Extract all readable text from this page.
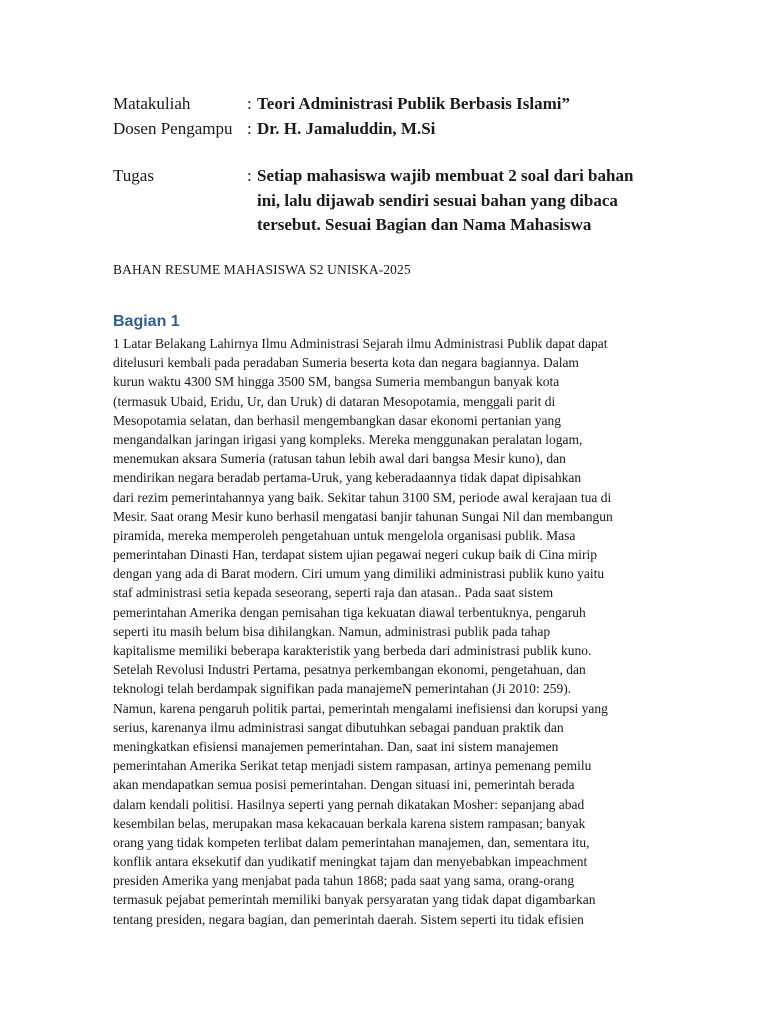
Matakuliah	: Teori Administrasi Publik Berbasis Islami”
Dosen Pengampu : Dr. H. Jamaluddin, M.Si
Tugas	: Setiap mahasiswa wajib membuat 2 soal dari bahan
ini, lalu dijawab sendiri sesuai bahan yang dibaca
tersebut. Sesuai Bagian dan Nama Mahasiswa
BAHAN RESUME MAHASISWA S2 UNISKA-2025
Bagian 1
1 Latar Belakang Lahirnya Ilmu Administrasi Sejarah ilmu Administrasi Publik dapat dapat
ditelusuri kembali pada peradaban Sumeria beserta kota dan negara bagiannya. Dalam
kurun waktu 4300 SM hingga 3500 SM, bangsa Sumeria membangun banyak kota
(termasuk Ubaid, Eridu, Ur, dan Uruk) di dataran Mesopotamia, menggali parit di
Mesopotamia selatan, dan berhasil mengembangkan dasar ekonomi pertanian yang
mengandalkan jaringan irigasi yang kompleks. Mereka menggunakan peralatan logam,
menemukan aksara Sumeria (ratusan tahun lebih awal dari bangsa Mesir kuno), dan
mendirikan negara beradab pertama-Uruk, yang keberadaannya tidak dapat dipisahkan
dari rezim pemerintahannya yang baik. Sekitar tahun 3100 SM, periode awal kerajaan tua di
Mesir. Saat orang Mesir kuno berhasil mengatasi banjir tahunan Sungai Nil dan membangun
piramida, mereka memperoleh pengetahuan untuk mengelola organisasi publik. Masa
pemerintahan Dinasti Han, terdapat sistem ujian pegawai negeri cukup baik di Cina mirip
dengan yang ada di Barat modern. Ciri umum yang dimiliki administrasi publik kuno yaitu
staf administrasi setia kepada seseorang, seperti raja dan atasan.. Pada saat sistem
pemerintahan Amerika dengan pemisahan tiga kekuatan diawal terbentuknya, pengaruh
seperti itu masih belum bisa dihilangkan. Namun, administrasi publik pada tahap
kapitalisme memiliki beberapa karakteristik yang berbeda dari administrasi publik kuno.
Setelah Revolusi Industri Pertama, pesatnya perkembangan ekonomi, pengetahuan, dan
teknologi telah berdampak signifikan pada manajemeN pemerintahan (Ji 2010: 259).
Namun, karena pengaruh politik partai, pemerintah mengalami inefisiensi dan korupsi yang
serius, karenanya ilmu administrasi sangat dibutuhkan sebagai panduan praktik dan
meningkatkan efisiensi manajemen pemerintahan. Dan, saat ini sistem manajemen
pemerintahan Amerika Serikat tetap menjadi sistem rampasan, artinya pemenang pemilu
akan mendapatkan semua posisi pemerintahan. Dengan situasi ini, pemerintah berada
dalam kendali politisi. Hasilnya seperti yang pernah dikatakan Mosher: sepanjang abad
kesembilan belas, merupakan masa kekacauan berkala karena sistem rampasan; banyak
orang yang tidak kompeten terlibat dalam pemerintahan manajemen, dan, sementara itu,
konflik antara eksekutif dan yudikatif meningkat tajam dan menyebabkan impeachment
presiden Amerika yang menjabat pada tahun 1868; pada saat yang sama, orang-orang
termasuk pejabat pemerintah memiliki banyak persyaratan yang tidak dapat digambarkan
tentang presiden, negara bagian, dan pemerintah daerah. Sistem seperti itu tidak efisien
